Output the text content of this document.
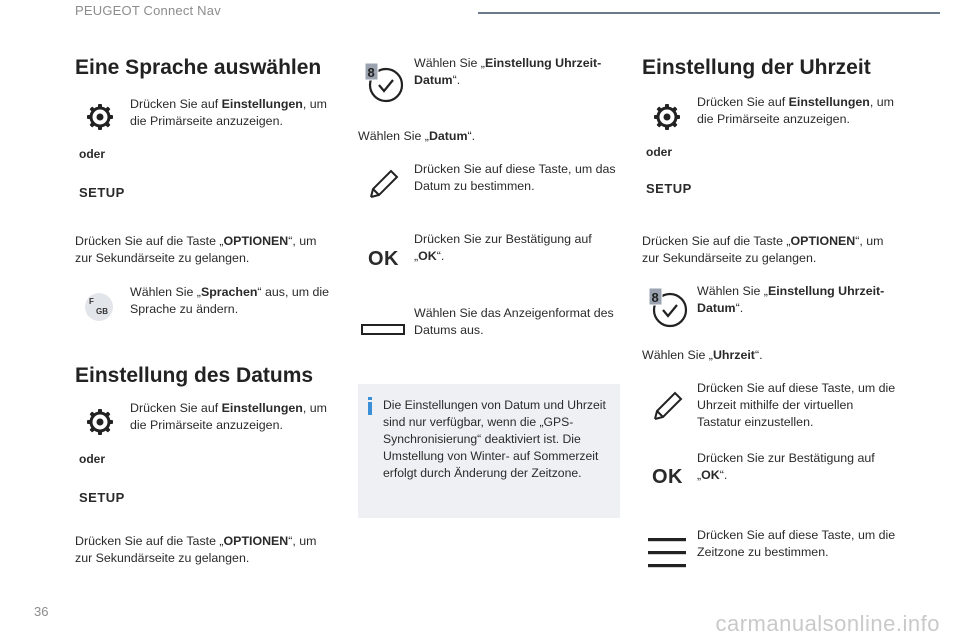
PEUGEOT Connect Nav
Eine Sprache auswählen
Drücken Sie auf Einstellungen, um die Primärseite anzuzeigen.
oder
SETUP
Drücken Sie auf die Taste „OPTIONEN“, um zur Sekundärseite zu gelangen.
F
GB
Wählen Sie „Sprachen“ aus, um die Sprache zu ändern.
Einstellung des Datums
Drücken Sie auf Einstellungen, um die Primärseite anzuzeigen.
oder
SETUP
Drücken Sie auf die Taste „OPTIONEN“, um zur Sekundärseite zu gelangen.
8
Wählen Sie „Einstellung Uhrzeit-Datum“.
Wählen Sie „Datum“.
Drücken Sie auf diese Taste, um das Datum zu bestimmen.
OK
Drücken Sie zur Bestätigung auf „OK“.
Wählen Sie das Anzeigenformat des Datums aus.
Die Einstellungen von Datum und Uhrzeit sind nur verfügbar, wenn die „GPS-Synchronisierung“ deaktiviert ist. Die Umstellung von Winter- auf Sommerzeit erfolgt durch Änderung der Zeitzone.
Einstellung der Uhrzeit
Drücken Sie auf Einstellungen, um die Primärseite anzuzeigen.
oder
SETUP
Drücken Sie auf die Taste „OPTIONEN“, um zur Sekundärseite zu gelangen.
8	Wählen Sie „Einstellung Uhrzeit-Datum“.
Wählen Sie „Uhrzeit“.
Drücken Sie auf diese Taste, um die Uhrzeit mithilfe der virtuellen Tastatur einzustellen.
OK
Drücken Sie zur Bestätigung auf „OK“.
Drücken Sie auf diese Taste, um die Zeitzone zu bestimmen.
36	carmanualsonline.info
